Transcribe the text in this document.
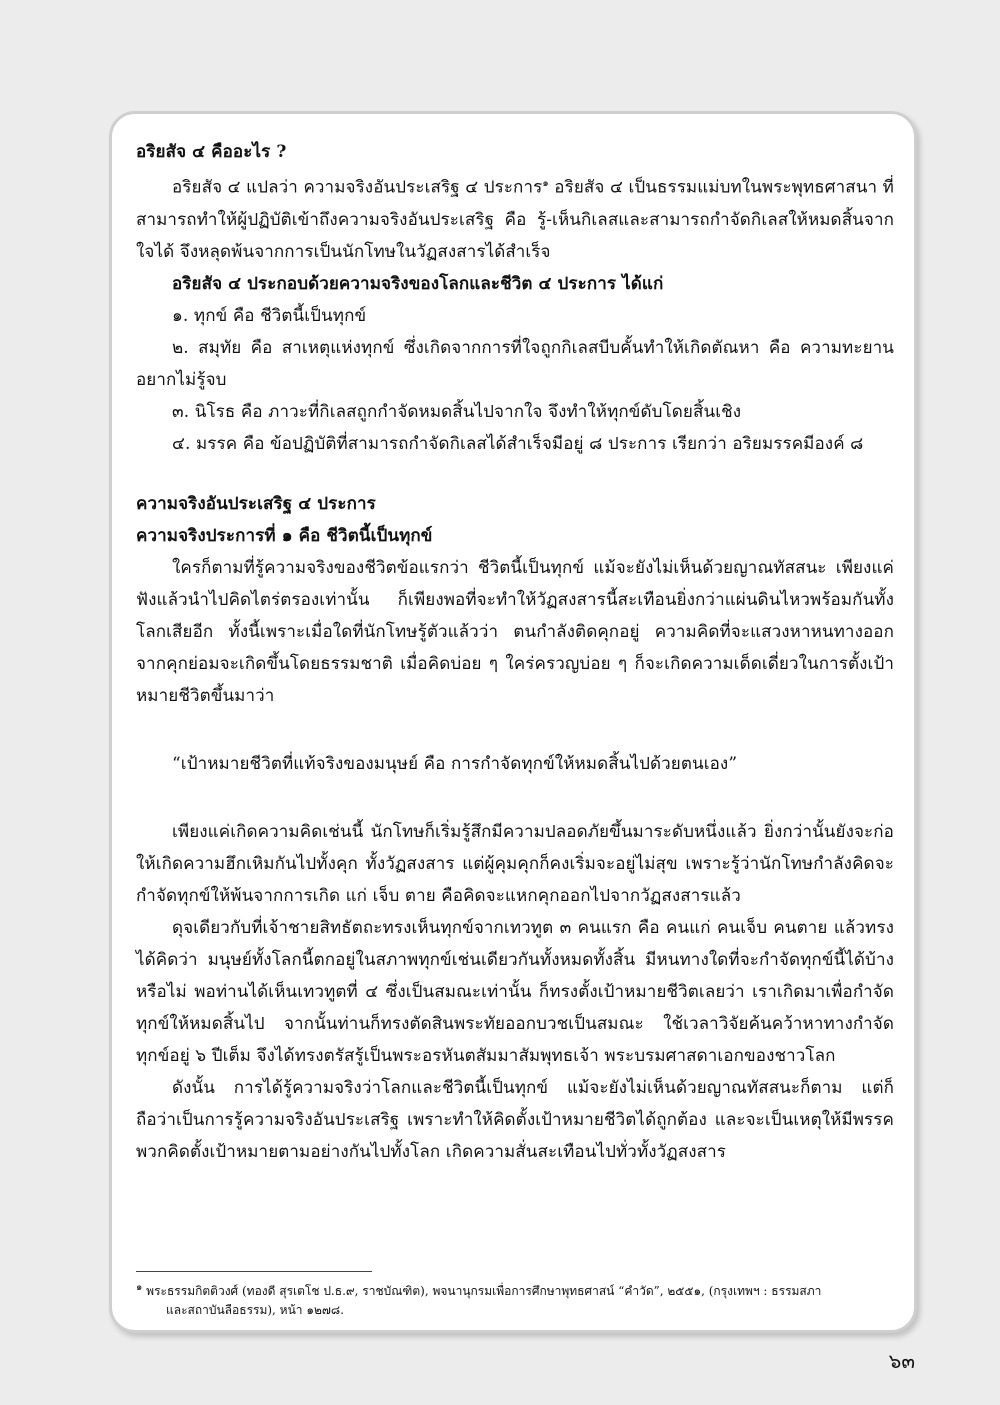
อริยสัจ ๔ คืออะไร ?

อริยสัจ ๔ แปลว่า ความจริงอันประเสริฐ ๔ ประการ$^๑$ อริยสัจ ๔ เป็นธรรมแม่บทในพระพุทธศาสนา ที่สามารถทำให้ผู้ปฏิบัติเข้าถึงความจริงอันประเสริฐ คือ รู้-เห็นกิเลสและสามารถกำจัดกิเลสให้หมดสิ้นจากใจได้ จึงหลุดพ้นจากการเป็นนักโทษในวัฏสงสารได้สำเร็จ

อริยสัจ ๔ ประกอบด้วยความจริงของโลกและชีวิต ๔ ประการ ได้แก่

๑. ทุกข์ คือ ชีวิตนี้เป็นทุกข์

๒. สมุทัย คือ สาเหตุแห่งทุกข์ ซึ่งเกิดจากการที่ใจถูกกิเลสบีบคั้นทำให้เกิดตัณหา คือ ความทะยานอยากไม่รู้จบ

๓. นิโรธ คือ ภาวะที่กิเลสถูกกำจัดหมดสิ้นไปจากใจ จึงทำให้ทุกข์ดับโดยสิ้นเชิง

๔. มรรค คือ ข้อปฏิบัติที่สามารถกำจัดกิเลสได้สำเร็จมีอยู่ ๘ ประการ เรียกว่า อริยมรรคมีองค์ ๘

ความจริงอันประเสริฐ ๔ ประการ

ความจริงประการที่ ๑ คือ ชีวิตนี้เป็นทุกข์

ใครก็ตามที่รู้ความจริงของชีวิตข้อแรกว่า ชีวิตนี้เป็นทุกข์ แม้จะยังไม่เห็นด้วยญาณทัสสนะ เพียงแค่ฟังแล้วนำไปคิดไตร่ตรองเท่านั้น ก็เพียงพอที่จะทำให้วัฏสงสารนี้สะเทือนยิ่งกว่าแผ่นดินไหวพร้อมกันทั้งโลกเสียอีก ทั้งนี้เพราะเมื่อใดที่นักโทษรู้ตัวแล้วว่า ตนกำลังติดคุกอยู่ ความคิดที่จะแสวงหาหนทางออกจากคุกย่อมจะเกิดขึ้นโดยธรรมชาติ เมื่อคิดบ่อย ๆ ใคร่ครวญบ่อย ๆ ก็จะเกิดความเด็ดเดี่ยวในการตั้งเป้าหมายชีวิตขึ้นมาว่า

“เป้าหมายชีวิตที่แท้จริงของมนุษย์ คือ การกำจัดทุกข์ให้หมดสิ้นไปด้วยตนเอง”

เพียงแค่เกิดความคิดเช่นนี้ นักโทษก็เริ่มรู้สึกมีความปลอดภัยขึ้นมาระดับหนึ่งแล้ว ยิ่งกว่านั้นยังจะก่อให้เกิดความฮึกเหิมกันไปทั้งคุก ทั้งวัฏสงสาร แต่ผู้คุมคุกก็คงเริ่มจะอยู่ไม่สุข เพราะรู้ว่านักโทษกำลังคิดจะกำจัดทุกข์ให้พ้นจากการเกิด แก่ เจ็บ ตาย คือคิดจะแหกคุกออกไปจากวัฏสงสารแล้ว

ดุจเดียวกับที่เจ้าชายสิทธัตถะทรงเห็นทุกข์จากเทวทูต ๓ คนแรก คือ คนแก่ คนเจ็บ คนตาย แล้วทรงได้คิดว่า มนุษย์ทั้งโลกนี้ตกอยู่ในสภาพทุกข์เช่นเดียวกันทั้งหมดทั้งสิ้น มีหนทางใดที่จะกำจัดทุกข์นี้ได้บ้างหรือไม่ พอท่านได้เห็นเทวทูตที่ ๔ ซึ่งเป็นสมณะเท่านั้น ก็ทรงตั้งเป้าหมายชีวิตเลยว่า เราเกิดมาเพื่อกำจัดทุกข์ให้หมดสิ้นไป จากนั้นท่านก็ทรงตัดสินพระทัยออกบวชเป็นสมณะ ใช้เวลาวิจัยค้นคว้าหาทางกำจัดทุกข์อยู่ ๖ ปีเต็ม จึงได้ทรงตรัสรู้เป็นพระอรหันตสัมมาสัมพุทธเจ้า พระบรมศาสดาเอกของชาวโลก

ดังนั้น การได้รู้ความจริงว่าโลกและชีวิตนี้เป็นทุกข์ แม้จะยังไม่เห็นด้วยญาณทัสสนะก็ตาม แต่ก็ถือว่าเป็นการรู้ความจริงอันประเสริฐ เพราะทำให้คิดตั้งเป้าหมายชีวิตได้ถูกต้อง และจะเป็นเหตุให้มีพรรคพวกคิดตั้งเป้าหมายตามอย่างกันไปทั้งโลก เกิดความสั่นสะเทือนไปทั่วทั้งวัฏสงสาร

$^๑$ พระธรรมกิตติวงศ์ (ทองดี สุรเตโช ป.ธ.๙, ราชบัณฑิต), พจนานุกรมเพื่อการศึกษาพุทธศาสน์ “คำวัด”, ๒๕๕๑, (กรุงเทพฯ : ธรรมสภา
และสถาบันลือธรรม), หน้า ๑๒๗๘.
๖๓
